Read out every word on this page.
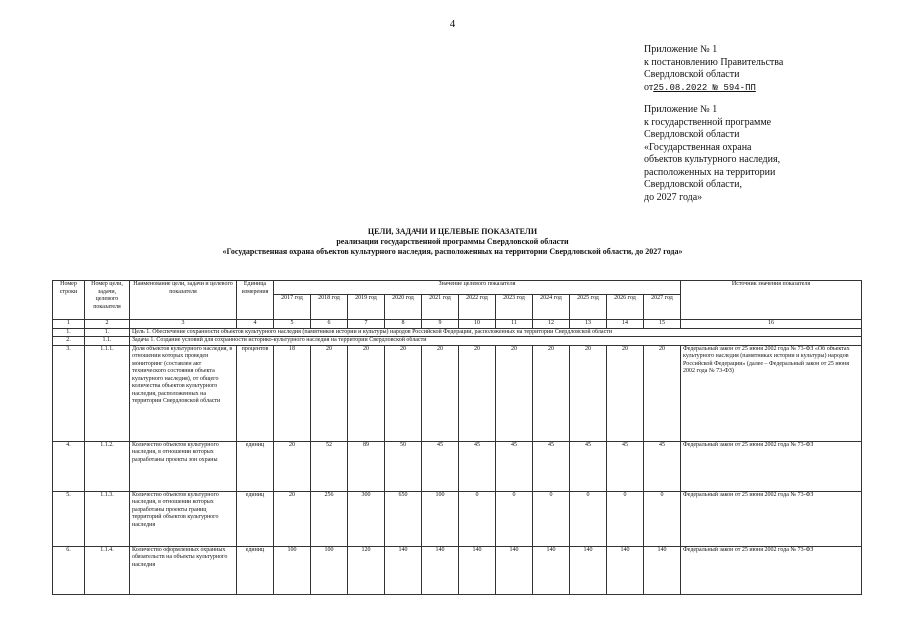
4
Приложение № 1
к постановлению Правительства
Свердловской области
от25.08.2022 № 594-ПП
Приложение № 1
к государственной программе
Свердловской области
«Государственная охрана
объектов культурного наследия,
расположенных на территории
Свердловской области,
до 2027 года»
ЦЕЛИ, ЗАДАЧИ И ЦЕЛЕВЫЕ ПОКАЗАТЕЛИ
реализации государственной программы Свердловской области
«Государственная охрана объектов культурного наследия, расположенных на территории Свердловской области, до 2027 года»
Номер строки	Номер цели, задачи, целевого показателя	Наименование цели, задачи и целевого показателя	Единица измерения	Значение целевого показателя											Источник значения показателя
				2017 год	2018 год	2019 год	2020 год	2021 год	2022 год	2023 год	2024 год	2025 год	2026 год	2027 год	
1	2	3	4	5	6	7	8	9	10	11	12	13	14	15	16
1.	1.	Цель 1. Обеспечение сохранности объектов культурного наследия (памятников истории и культуры) народов Российской Федерации, расположенных на территории Свердловской области													
2.	1.1.	Задача 1. Создание условий для сохранности историко-культурного наследия на территории Свердловской области													
3.	1.1.1.	Доля объектов культурного наследия, в отношении которых проведен мониторинг (составлен акт технического состояния объекта культурного наследия), от общего количества объектов культурного наследия, расположенных на территории Свердловской области	процентов	18	20	20	20	20	20	20	20	20	20	20	Федеральный закон от 25 июня 2002 года № 73-ФЗ «Об объектах культурного наследия (памятниках истории и культуры) народов Российской Федерации» (далее – Федеральный закон от 25 июня 2002 года № 73-ФЗ)
4.	1.1.2.	Количество объектов культурного наследия, в отношении которых разработаны проекты зон охраны	единиц	20	52	89	50	45	45	45	45	45	45	45	Федеральный закон от 25 июня 2002 года № 73-ФЗ
5.	1.1.3.	Количество объектов культурного наследия, в отношении которых разработаны проекты границ территорий объектов культурного наследия	единиц	20	256	300	650	100	0	0	0	0	0	0	Федеральный закон от 25 июня 2002 года № 73-ФЗ
6.	1.1.4.	Количество оформленных охранных обязательств на объекты культурного наследия	единиц	100	100	120	140	140	140	140	140	140	140	140	Федеральный закон от 25 июня 2002 года № 73-ФЗ
